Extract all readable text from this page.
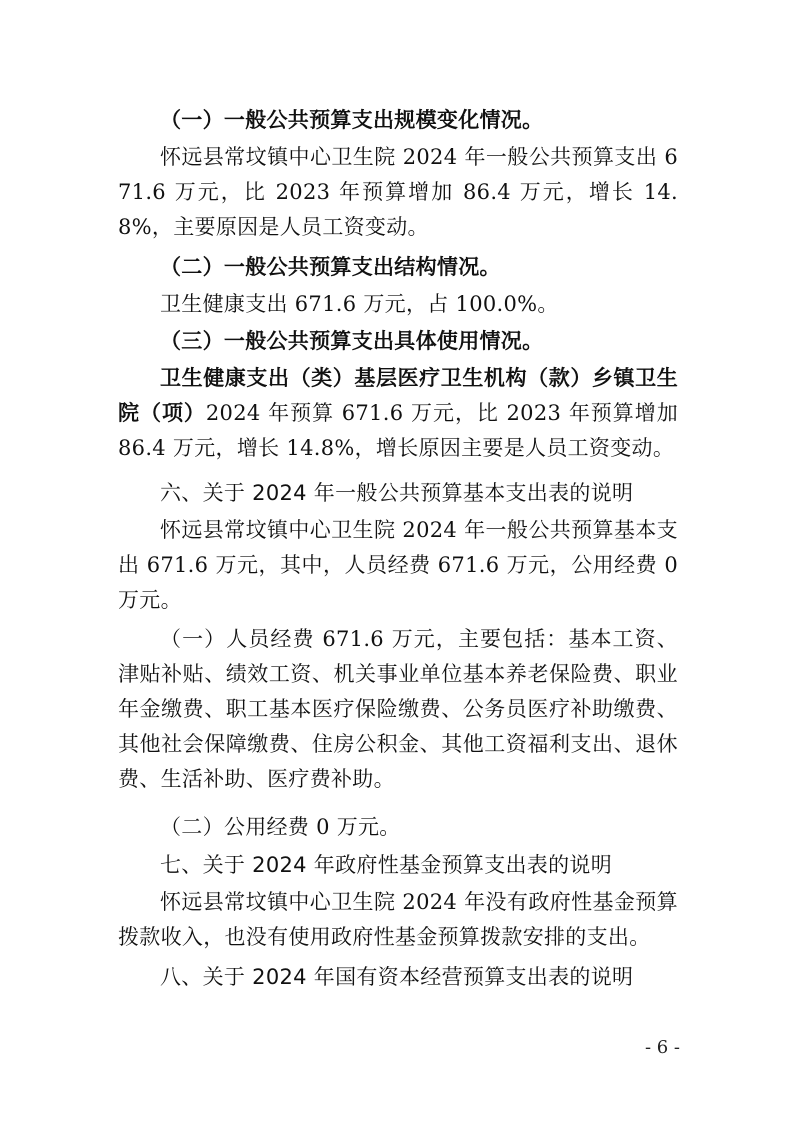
（一）一般公共预算支出规模变化情况。

怀远县常坟镇中心卫生院 2024 年一般公共预算支出 671.6 万元，比 2023 年预算增加 86.4 万元，增长 14.8%，主要原因是人员工资变动。

（二）一般公共预算支出结构情况。

卫生健康支出 671.6 万元，占 100.0%。

（三）一般公共预算支出具体使用情况。

卫生健康支出（类）基层医疗卫生机构（款）乡镇卫生院（项）2024 年预算 671.6 万元，比 2023 年预算增加 86.4 万元，增长 14.8%，增长原因主要是人员工资变动。

六、关于 2024 年一般公共预算基本支出表的说明

怀远县常坟镇中心卫生院 2024 年一般公共预算基本支出 671.6 万元，其中，人员经费 671.6 万元，公用经费 0 万元。

（一）人员经费 671.6 万元，主要包括：基本工资、津贴补贴、绩效工资、机关事业单位基本养老保险费、职业年金缴费、职工基本医疗保险缴费、公务员医疗补助缴费、其他社会保障缴费、住房公积金、其他工资福利支出、退休费、生活补助、医疗费补助。

（二）公用经费 0 万元。

七、关于 2024 年政府性基金预算支出表的说明

怀远县常坟镇中心卫生院 2024 年没有政府性基金预算拨款收入，也没有使用政府性基金预算拨款安排的支出。

八、关于 2024 年国有资本经营预算支出表的说明

- 6 -
